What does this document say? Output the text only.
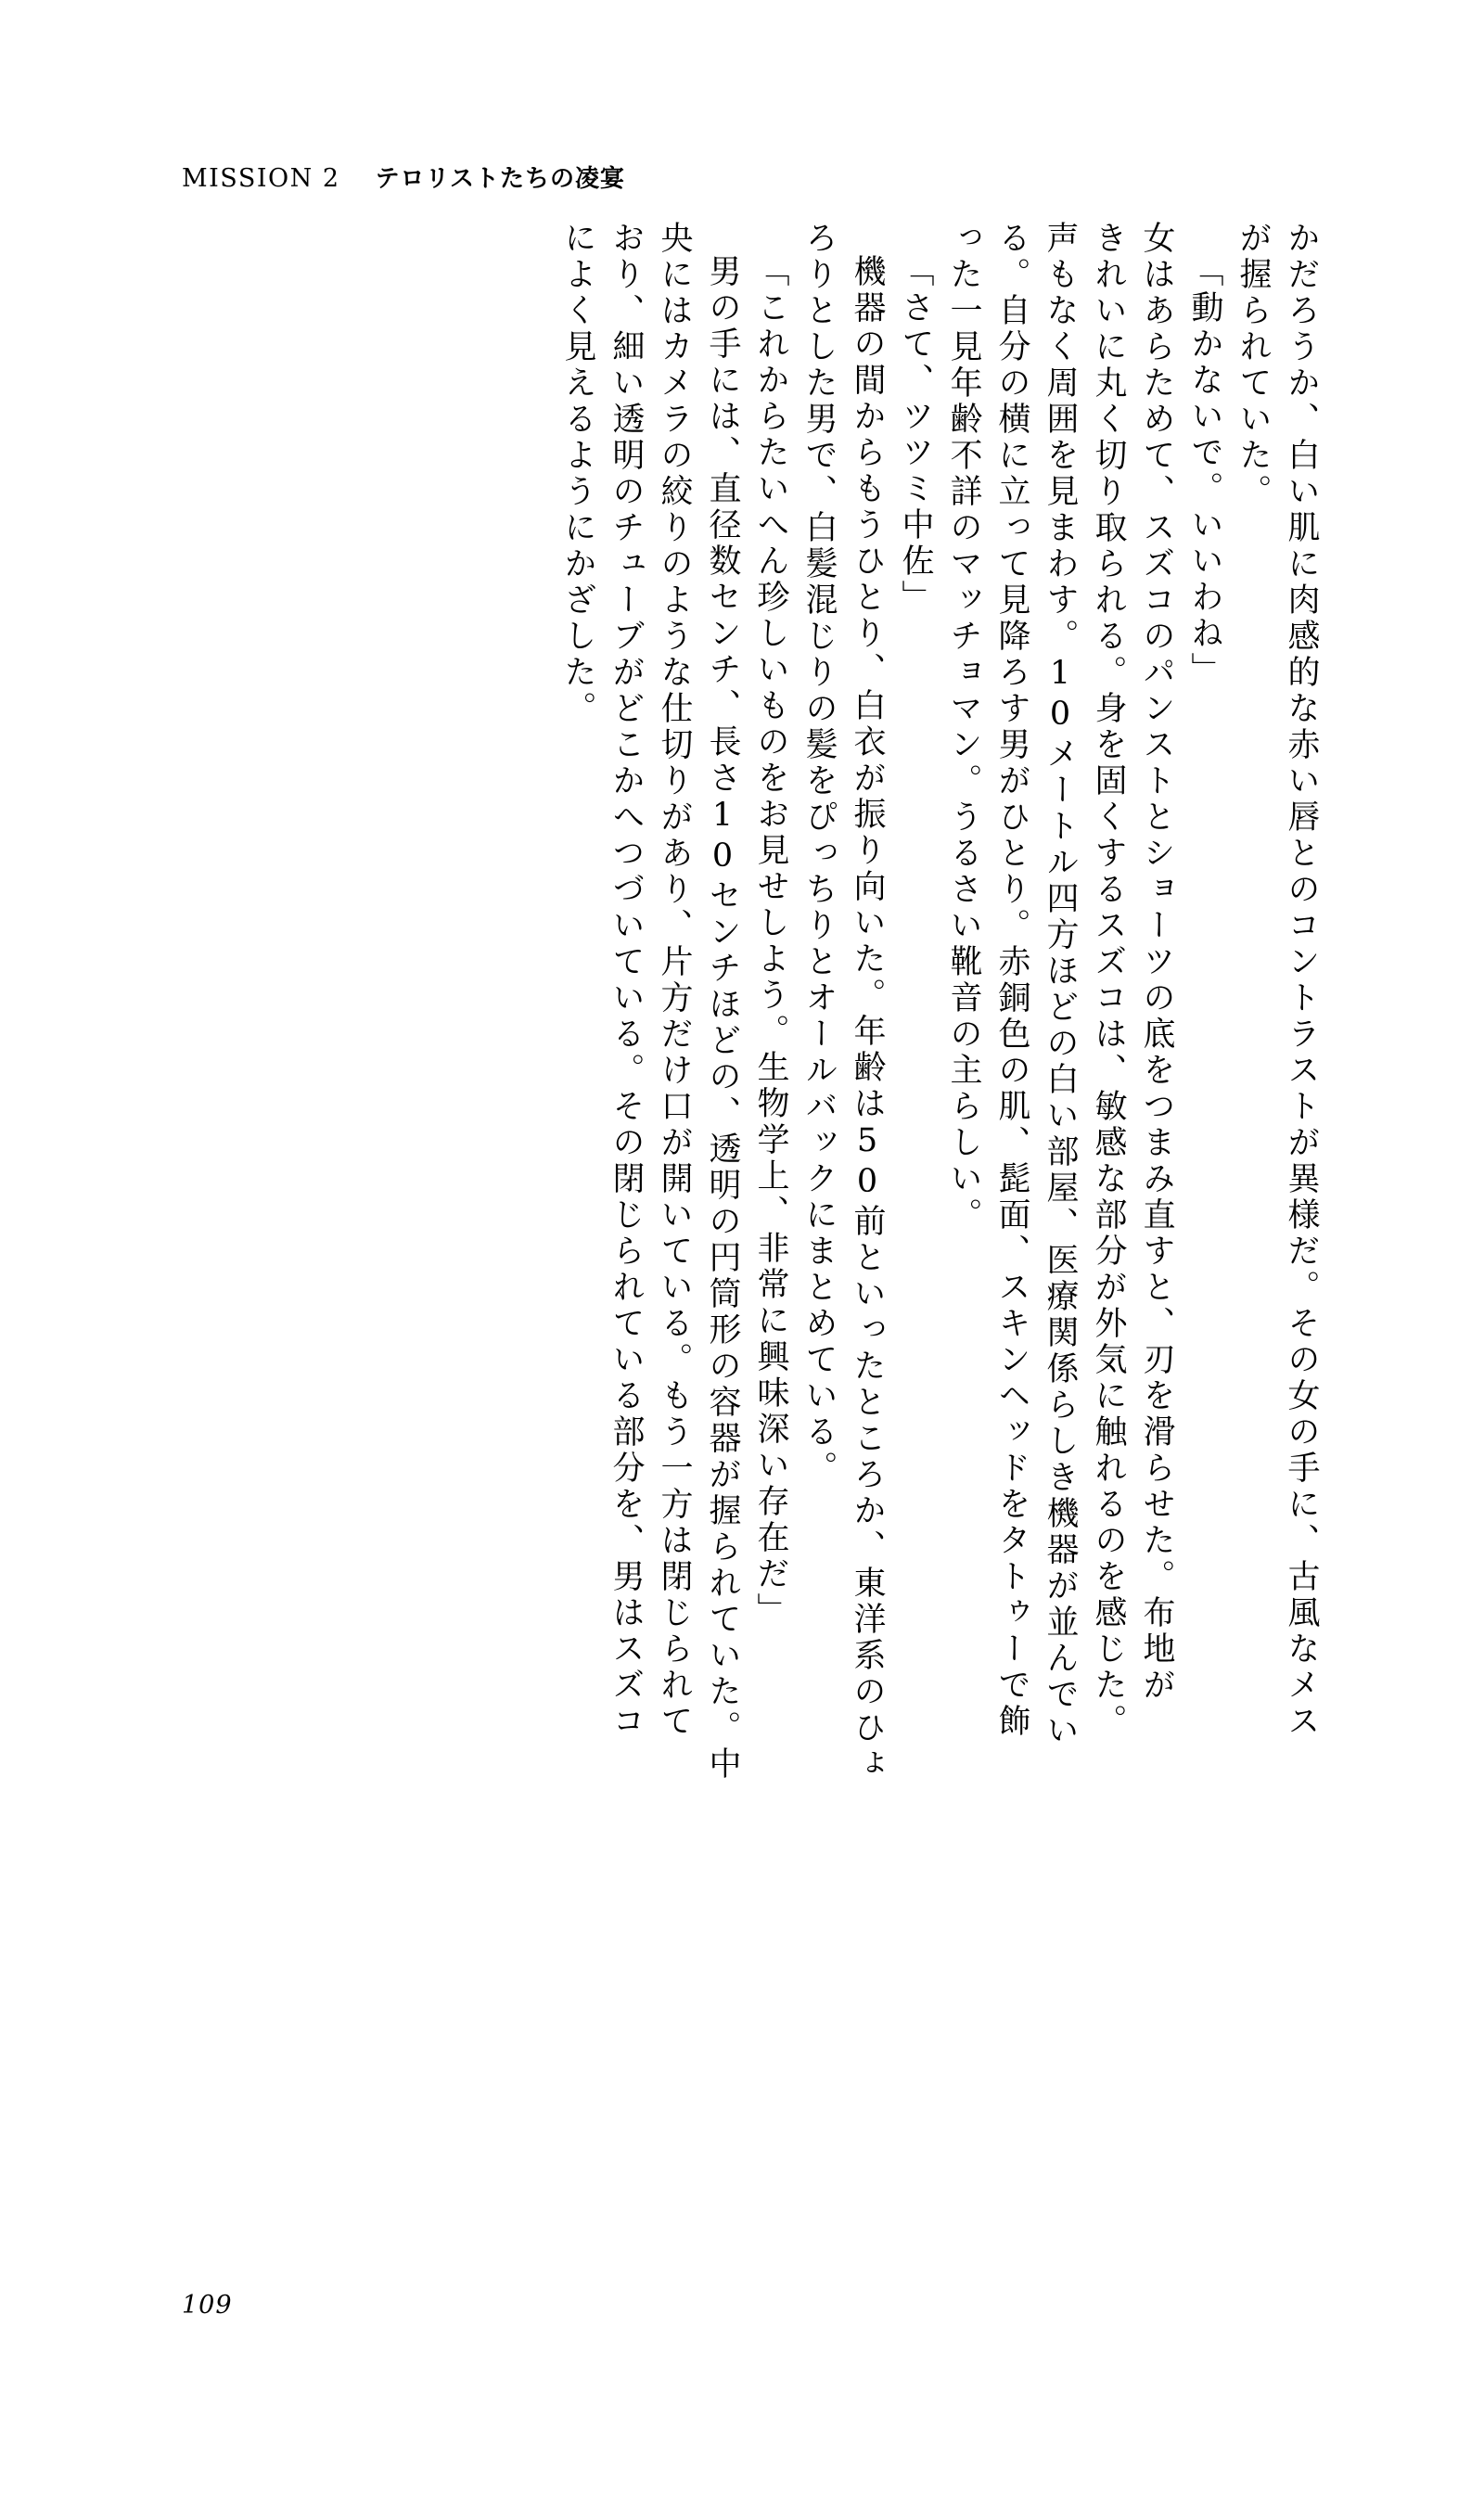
MISSION 2 テロリストたちの凌宴
かだろうか、白い肌に肉感的な赤い唇とのコントラストが異様だ。その女の手に、古風なメス
が握られていた。
「動かないで。いいわね」
女はあらためて、スズコのパンストとショーツの底をつまみ直すと、刃を滑らせた。布地が
きれいに丸く切り取られる。身を固くするスズコは、敏感な部分が外気に触れるのを感じた。
声もなく周囲を見まわす。10メートル四方ほどの白い部屋、医療関係らしき機器が並んでい
る。自分の横に立って見降ろす男がひとり。赤銅色の肌、髭面、スキンヘッドをタトゥーで飾
った一見年齢不詳のマッチョマン。うるさい靴音の主らしい。
「さて、ツツミ中佐」
機器の間からもうひとり、白衣が振り向いた。年齢は50前といったところか、東洋系のひょ
ろりとした男で、白髪混じりの髪をぴっちりとオールバックにまとめている。
「これからたいへん珍しいものをお見せしよう。生物学上、非常に興味深い存在だ」
男の手には、直径数センチ、長さ10センチほどの、透明の円筒形の容器が握られていた。中
央にはカメラの絞りのような仕切りがあり、片方だけ口が開いている。もう一方は閉じられて
おり、細い透明のチューブがどこかへつづいている。その閉じられている部分を、男はスズコ
によく見えるようにかざした。
109
